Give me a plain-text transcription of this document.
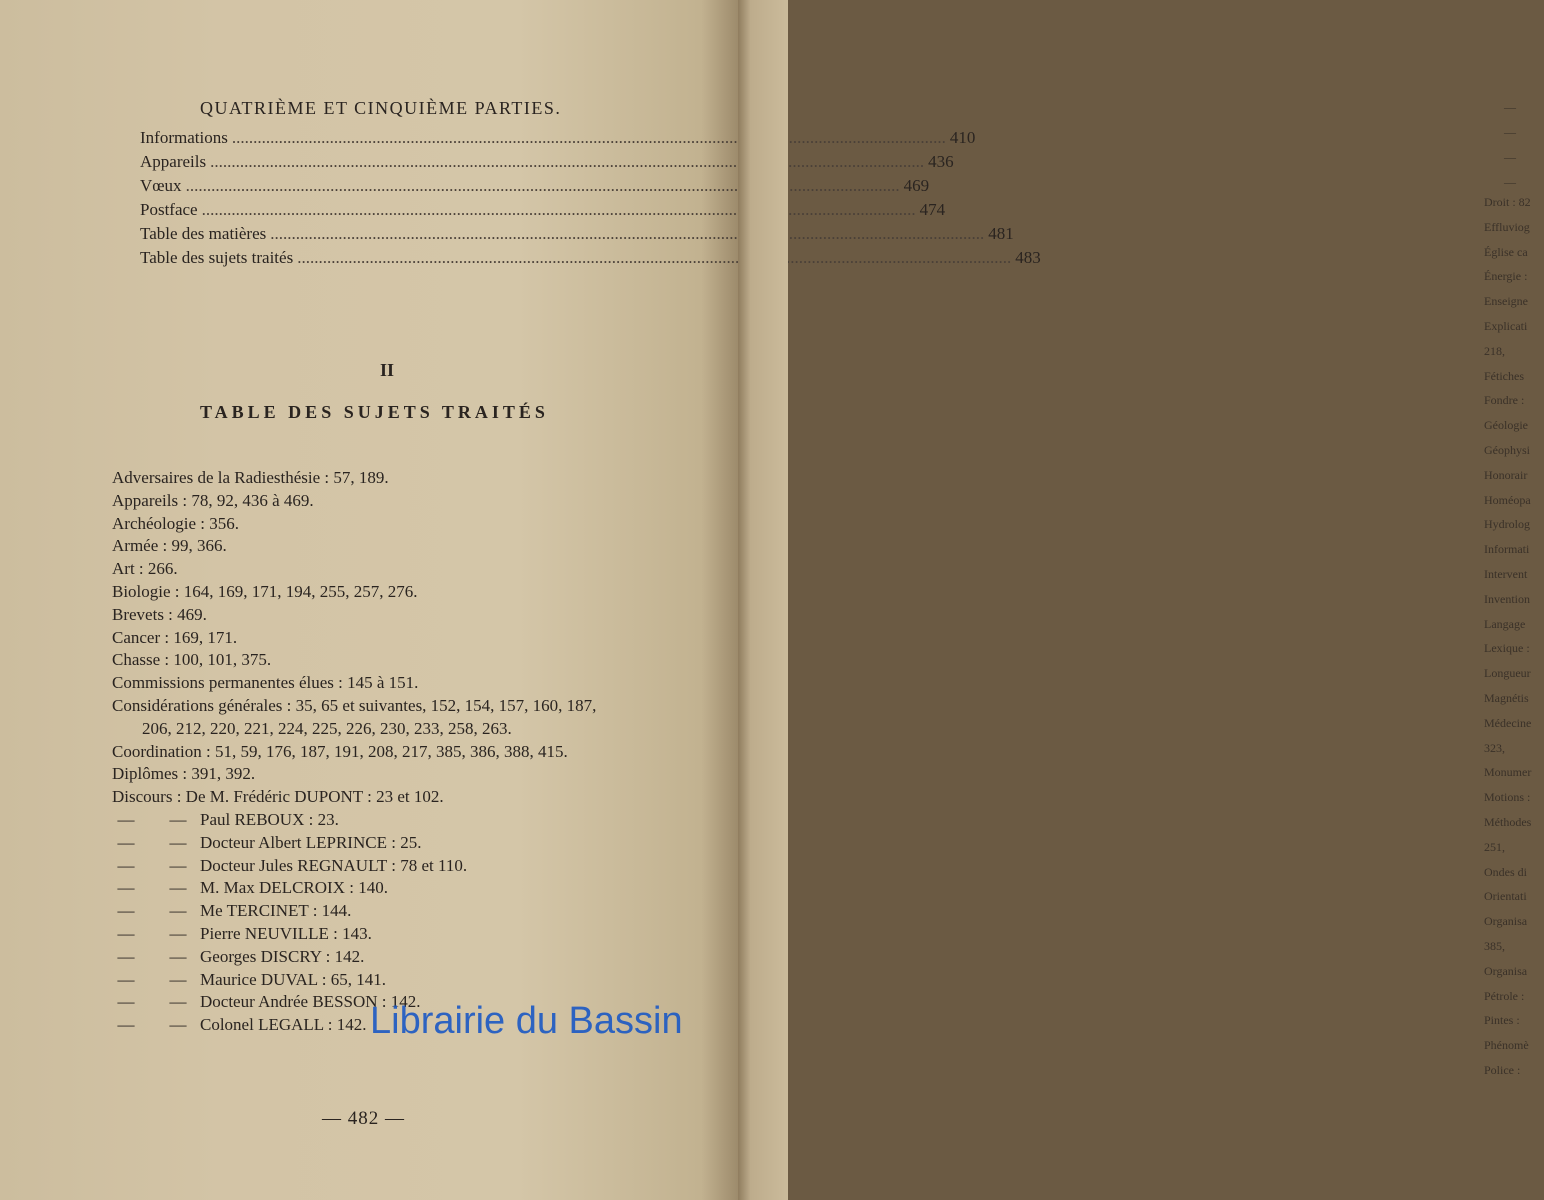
QUATRIÈME ET CINQUIÈME PARTIES.
Informations .....	410
Appareils .....	436
Vœux .....	469
Postface .....	474
Table des matières .....	481
Table des sujets traités .....	483
II
TABLE DES SUJETS TRAITÉS
Adversaires de la Radiesthésie : 57, 189.
Appareils : 78, 92, 436 à 469.
Archéologie : 356.
Armée : 99, 366.
Art : 266.
Biologie : 164, 169, 171, 194, 255, 257, 276.
Brevets : 469.
Cancer : 169, 171.
Chasse : 100, 101, 375.
Commissions permanentes élues : 145 à 151.
Considérations générales : 35, 65 et suivantes, 152, 154, 157, 160, 187,
206, 212, 220, 221, 224, 225, 226, 230, 233, 258, 263.
Coordination : 51, 59, 176, 187, 191, 208, 217, 385, 386, 388, 415.
Diplômes : 391, 392.
Discours : De M. Frédéric DUPONT : 23 et 102.
— — Paul REBOUX : 23.
— — Docteur Albert LEPRINCE : 25.
— — Docteur Jules REGNAULT : 78 et 110.
— — M. Max DELCROIX : 140.
— — Me TERCINET : 144.
— — Pierre NEUVILLE : 143.
— — Georges DISCRY : 142.
— — Maurice DUVAL : 65, 141.
— — Docteur Andrée BESSON : 142.
— — Colonel LEGALL : 142.
— 482 —
—
—
—
—
Droit : 82
Effluviog
Église ca
Énergie :
Enseigne
Explicati
218,
Fétiches
Fondre :
Géologie
Géophysi
Honorair
Homéopa
Hydrolog
Informati
Intervent
Invention
Langage
Lexique :
Longueur
Magnétis
Médecine
323,
Monumer
Motions :
Méthodes
251,
Ondes di
Orientati
Organisa
385,
Organisa
Pétrole :
Pintes :
Phénomè
Police :
Librairie du Bassin
